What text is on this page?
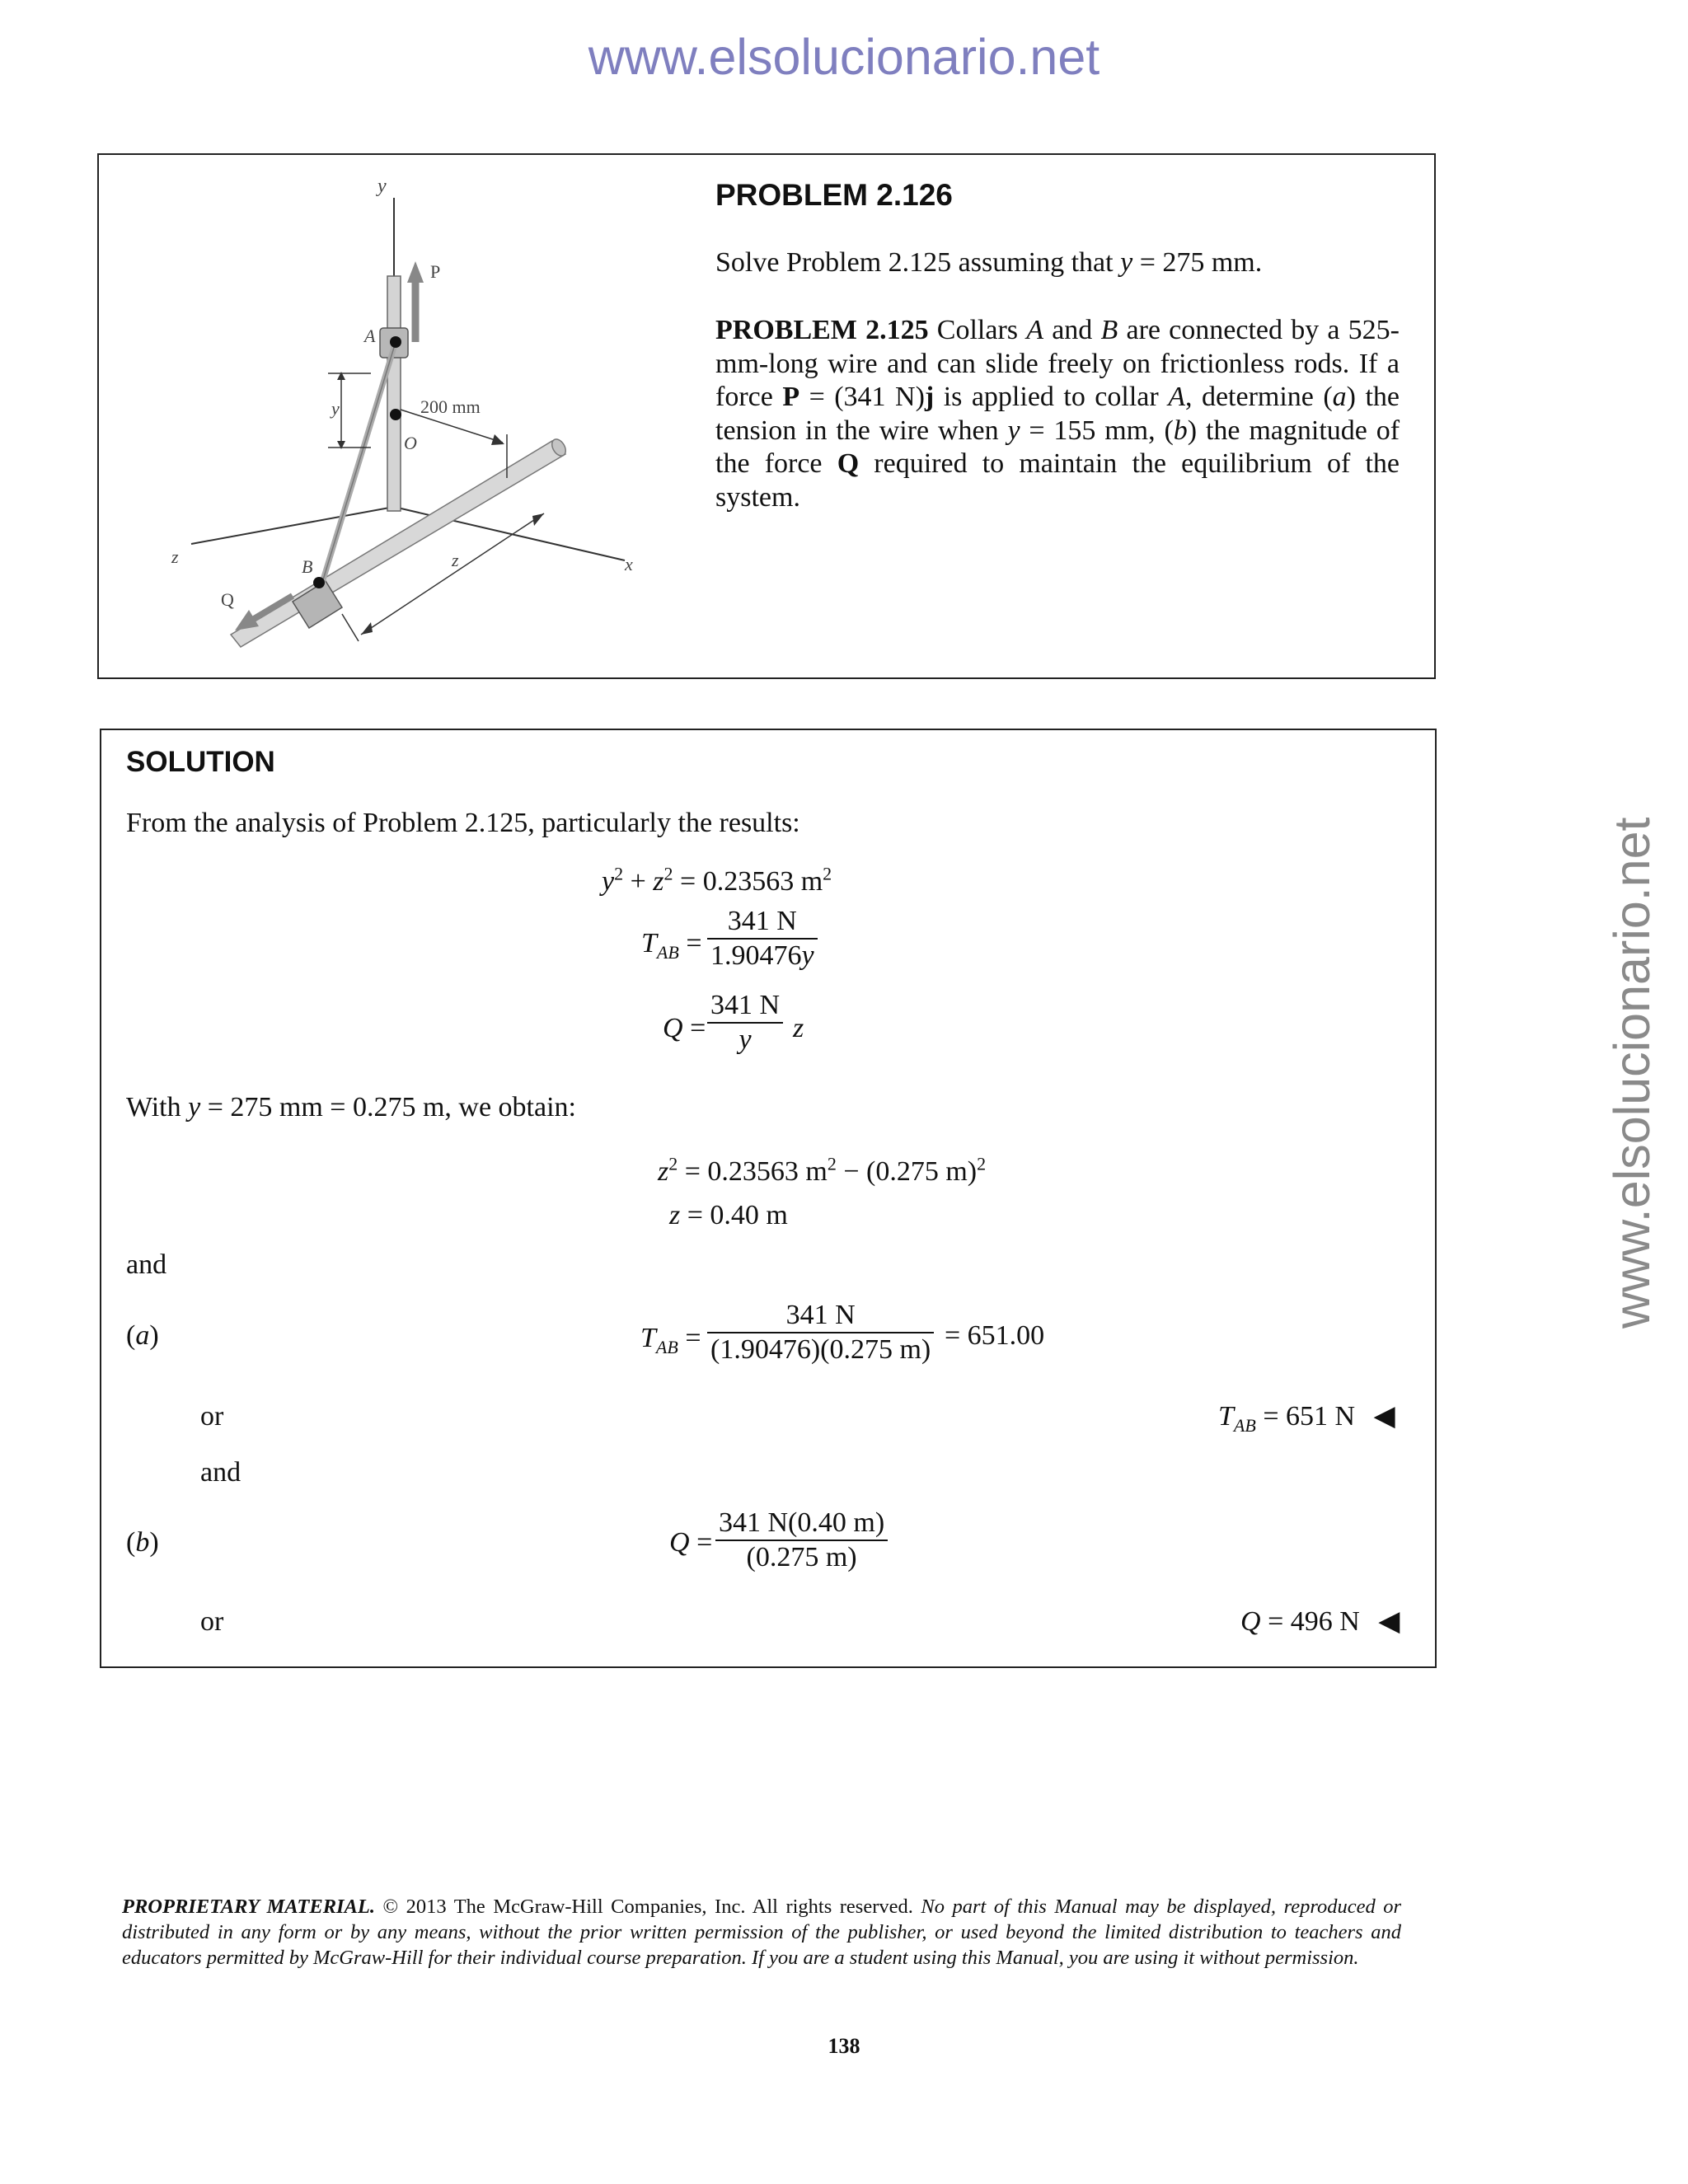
www.elsolucionario.net
www.elsolucionario.net
y
P
A
y	200 mm
O
z	B
Q
z	x
PROBLEM 2.126
Solve Problem 2.125 assuming that y = 275 mm.
PROBLEM 2.125 Collars A and B are connected by a 525-mm-long wire and can slide freely on frictionless rods. If a force P = (341 N)j is applied to collar A, determine (a) the tension in the wire when y = 155 mm, (b) the magnitude of the force Q required to maintain the equilibrium of the system.
SOLUTION
From the analysis of Problem 2.125, particularly the results:
$y^2 + z^2 = 0.23563$ $m^2$
$T_{AB} = \frac{341 N}{1.90476y}$
$Q = \frac{341 N}{y}$ z
With y = 275 mm = 0.275 m, we obtain:
$z^2 = 0.23563$ $m^2 - (0.275$ m)$^2$
z = 0.40 m
and
(a)	$T_{AB} = \frac{341 N}{(1.90476)(0.275 m)} = 651.00$
or	$T_{AB} = 651$ N ◀
and
(b)	$Q = \frac{341 N(0.40 m)}{(0.275 m)}$
or	Q = 496 N ◀
PROPRIETARY MATERIAL. © 2013 The McGraw-Hill Companies, Inc. All rights reserved. No part of this Manual may be displayed, reproduced or distributed in any form or by any means, without the prior written permission of the publisher, or used beyond the limited distribution to teachers and educators permitted by McGraw-Hill for their individual course preparation. If you are a student using this Manual, you are using it without permission.
138
